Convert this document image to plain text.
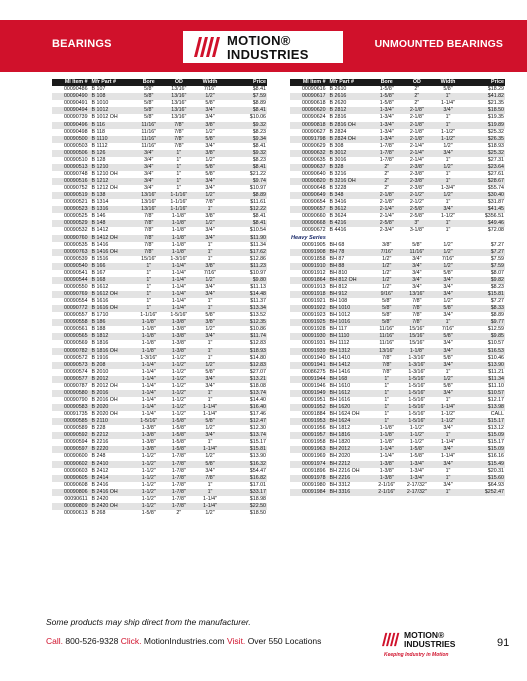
BEARINGS	MOTION®
INDUSTRIES
UNMOUNTED BEARINGS
MI Item #	Mfr Part #	Bore	OD	Width	Price
00090486	B 107	5/8"	13/16"	7/16"	$8.41
00090490	B 108	5/8"	13/16"	1/2"	$7.59
00090491	B 1010	5/8"	13/16"	5/8"	$8.89
00090494	B 1012	5/8"	13/16"	3/4"	$8.41
00090739	B 1012 OH	5/8"	13/16"	3/4"	$10.06
00090496	B 116	11/16"	7/8"	3/8"	$9.32
00090498	B 118	11/16"	7/8"	1/2"	$8.23
00090500	B 1110	11/16"	7/8"	5/8"	$9.34
00090503	B 1112	11/16"	7/8"	3/4"	$8.41
00090506	B 126	3/4"	1"	3/8"	$9.32
00090510	B 128	3/4"	1"	1/2"	$8.23
00090513	B 1210	3/4"	1"	5/8"	$8.41
00090748	B 1210 OH	3/4"	1"	5/8"	$21.22
00090516	B 1212	3/4"	1"	3/4"	$9.74
00090752	B 1212 OH	3/4"	1"	3/4"	$10.97
00090519	B 138	13/16"	1-1/16"	1/2"	$8.89
00090521	B 1314	13/16"	1-1/16"	7/8"	$11.61
00090523	B 1316	13/16"	1-1/16"	1"	$12.22
00090525	B 146	7/8"	1-1/8"	3/8"	$8.41
00090529	B 148	7/8"	1-1/8"	1/2"	$8.41
00090532	B 1412	7/8"	1-1/8"	3/4"	$10.54
00090760	B 1412 OH	7/8"	1-1/8"	3/4"	$11.90
00090535	B 1416	7/8"	1-1/8"	1"	$11.34
00090763	B 1416 OH	7/8"	1-1/8"	1"	$17.62
00090539	B 1516	15/16"	1-3/16"	1"	$12.86
00090540	B 166	1"	1-1/4"	3/8"	$11.23
00090541	B 167	1"	1-1/4"	7/16"	$10.97
00090544	B 168	1"	1-1/4"	1/2"	$9.80
00090550	B 1612	1"	1-1/4"	3/4"	$11.13
00090769	B 1612 OH	1"	1-1/4"	3/4"	$14.48
00090554	B 1616	1"	1-1/4"	1"	$11.37
00090772	B 1616 OH	1"	1-1/4"	1"	$13.34
00090557	B 1710	1-1/16"	1-5/16"	5/8"	$13.52
00090558	B 186	1-1/8"	1-3/8"	3/8"	$12.35
00090561	B 188	1-1/8"	1-3/8"	1/2"	$10.86
00090565	B 1812	1-1/8"	1-3/8"	3/4"	$11.74
00090569	B 1816	1-1/8"	1-3/8"	1"	$12.83
00090782	B 1816 OH	1-1/8"	1-3/8"	1"	$18.93
00090572	B 1916	1-3/16"	1-1/2"	1"	$14.80
00090573	B 208	1-1/4"	1-1/2"	1/2"	$12.83
00090574	B 2010	1-1/4"	1-1/2"	5/8"	$27.07
00090577	B 2012	1-1/4"	1-1/2"	3/4"	$13.21
00090787	B 2012 OH	1-1/4"	1-1/2"	3/4"	$18.08
00090580	B 2016	1-1/4"	1-1/2"	1"	$13.74
00090790	B 2016 OH	1-1/4"	1-1/2"	1"	$14.40
00090583	B 2020	1-1/4"	1-1/2"	1-1/4"	$16.40
00091735	B 2020 OH	1-1/4"	1-1/2"	1-1/4"	$17.46
00090585	B 2110	1-5/16"	1-5/8"	5/8"	$12.47
00090589	B 228	1-3/8"	1-5/8"	1/2"	$12.30
00090592	B 2212	1-3/8"	1-5/8"	3/4"	$13.74
00090594	B 2216	1-3/8"	1-5/8"	1"	$15.17
00090597	B 2220	1-3/8"	1-5/8"	1-1/4"	$15.81
00090600	B 248	1-1/2"	1-7/8"	1/2"	$13.90
00090602	B 2410	1-1/2"	1-7/8"	5/8"	$16.32
00090603	B 2412	1-1/2"	1-7/8"	3/4"	$54.47
00090605	B 2414	1-1/2"	1-7/8"	7/8"	$16.82
00090608	B 2416	1-1/2"	1-7/8"	1"	$17.01
00090806	B 2416 OH	1-1/2"	1-7/8"	1"	$33.17
00090611	B 2420	1-1/2"	1-7/8"	1-1/4"	$18.98
00090809	B 2420 OH	1-1/2"	1-7/8"	1-1/4"	$22.50
00090613	B 268	1-5/8"	2"	1/2"	$18.50
MI Item #	Mfr Part #	Bore	OD	Width	Price
00090616	B 2610	1-5/8"	2"	5/8"	$18.29
00090617	B 2616	1-5/8"	2"	1"	$41.82
00090618	B 2620	1-5/8"	2"	1-1/4"	$21.35
00090620	B 2812	1-3/4"	2-1/8"	3/4"	$18.50
00090624	B 2816	1-3/4"	2-1/8"	1"	$19.35
00090818	B 2816 OH	1-3/4"	2-1/8"	1"	$19.89
00090627	B 2824	1-3/4"	2-1/8"	1-1/2"	$25.32
00091798	B 2824 OH	1-3/4"	2-1/8"	1-1/2"	$26.35
00090629	B 308	1-7/8"	2-1/4"	1/2"	$18.93
00090632	B 3012	1-7/8"	2-1/4"	3/4"	$25.32
00090635	B 3016	1-7/8"	2-1/4"	1"	$27.31
00090637	B 328	2"	2-3/8"	1/2"	$23.64
00090640	B 3216	2"	2-3/8"	1"	$27.61
00090820	B 3216 OH	2"	2-3/8"	1"	$28.67
00090648	B 3228	2"	2-3/8"	1-3/4"	$55.74
00090649	B 348	2-1/8"	2-1/2"	1/2"	$30.40
00090654	B 3416	2-1/8"	2-1/2"	1"	$31.87
00090657	B 3612	2-1/4"	2-5/8"	3/4"	$41.45
00090660	B 3624	2-1/4"	2-5/8"	1-1/2"	$356.51
00090668	B 4216	2-5/8"	3"	1"	$49.46
00090672	B 4416	2-3/4"	3-1/8"	1"	$72.08
Heavy Series					
00091905	BH 68	3/8"	5/8"	1/2"	$7.27
00091908	BH 78	7/16"	11/16"	1/2"	$7.27
00091858	BH 87	1/2"	3/4"	7/16"	$7.59
00091910	BH 88	1/2"	3/4"	1/2"	$7.59
00091912	BH 810	1/2"	3/4"	5/8"	$8.07
00091864	BH 812 OH	1/2"	3/4"	3/4"	$9.82
00091913	BH 812	1/2"	3/4"	3/4"	$8.23
00091918	BH 912	9/16"	13/16"	3/4"	$15.81
00091921	BH 108	5/8"	7/8"	1/2"	$7.27
00091922	BH 1010	5/8"	7/8"	5/8"	$8.33
00091923	BH 1012	5/8"	7/8"	3/4"	$8.89
00091925	BH 1016	5/8"	7/8"	1"	$9.77
00091928	BH 117	11/16"	15/16"	7/16"	$12.59
00091930	BH 1110	11/16"	15/16"	5/8"	$9.85
00091931	BH 1112	11/16"	15/16"	3/4"	$10.57
00091939	BH 1312	13/16"	1-1/8"	3/4"	$16.53
00091940	BH 1410	7/8"	1-3/16"	5/8"	$10.46
00091941	BH 1412	7/8"	1-3/16"	3/4"	$13.90
00086275	BH 1416	7/8"	1-3/16"	1"	$11.21
00091944	BH 168	1"	1-5/16"	1/2"	$11.34
00091946	BH 1610	1"	1-5/16"	5/8"	$11.10
00091949	BH 1612	1"	1-5/16"	3/4"	$10.57
00091951	BH 1616	1"	1-5/16"	1"	$12.17
00091952	BH 1620	1"	1-5/16"	1-1/4"	$13.98
00091884	BH 1624 OH	1"	1-5/16"	1-1/2"	CALL
00091953	BH 1624	1"	1-5/16"	1-1/2"	$15.17
00091956	BH 1812	1-1/8"	1-1/2"	3/4"	$13.12
00091957	BH 1816	1-1/8"	1-1/2"	1"	$15.09
00091958	BH 1820	1-1/8"	1-1/2"	1-1/4"	$15.17
00091963	BH 2012	1-1/4"	1-5/8"	3/4"	$15.09
00091969	BH 2020	1-1/4"	1-5/8"	1-1/4"	$16.16
00091974	BH 2212	1-3/8"	1-3/4"	3/4"	$15.49
00091896	BH 2216 OH	1-3/8"	1-3/4"	1"	$20.31
00091978	BH 2216	1-3/8"	1-3/4"	1"	$15.60
00091980	BH 3312	2-1/16"	2-17/32"	3/4"	$64.93
00091984	BH 3316	2-1/16"	2-17/32"	1"	$252.47
Some products may ship direct from the manufacturer.
Call. 800-526-9328 Click. MotionIndustries.com Visit. Over 550 Locations
MOTION®
INDUSTRIES
Keeping Industry in Motion
91
